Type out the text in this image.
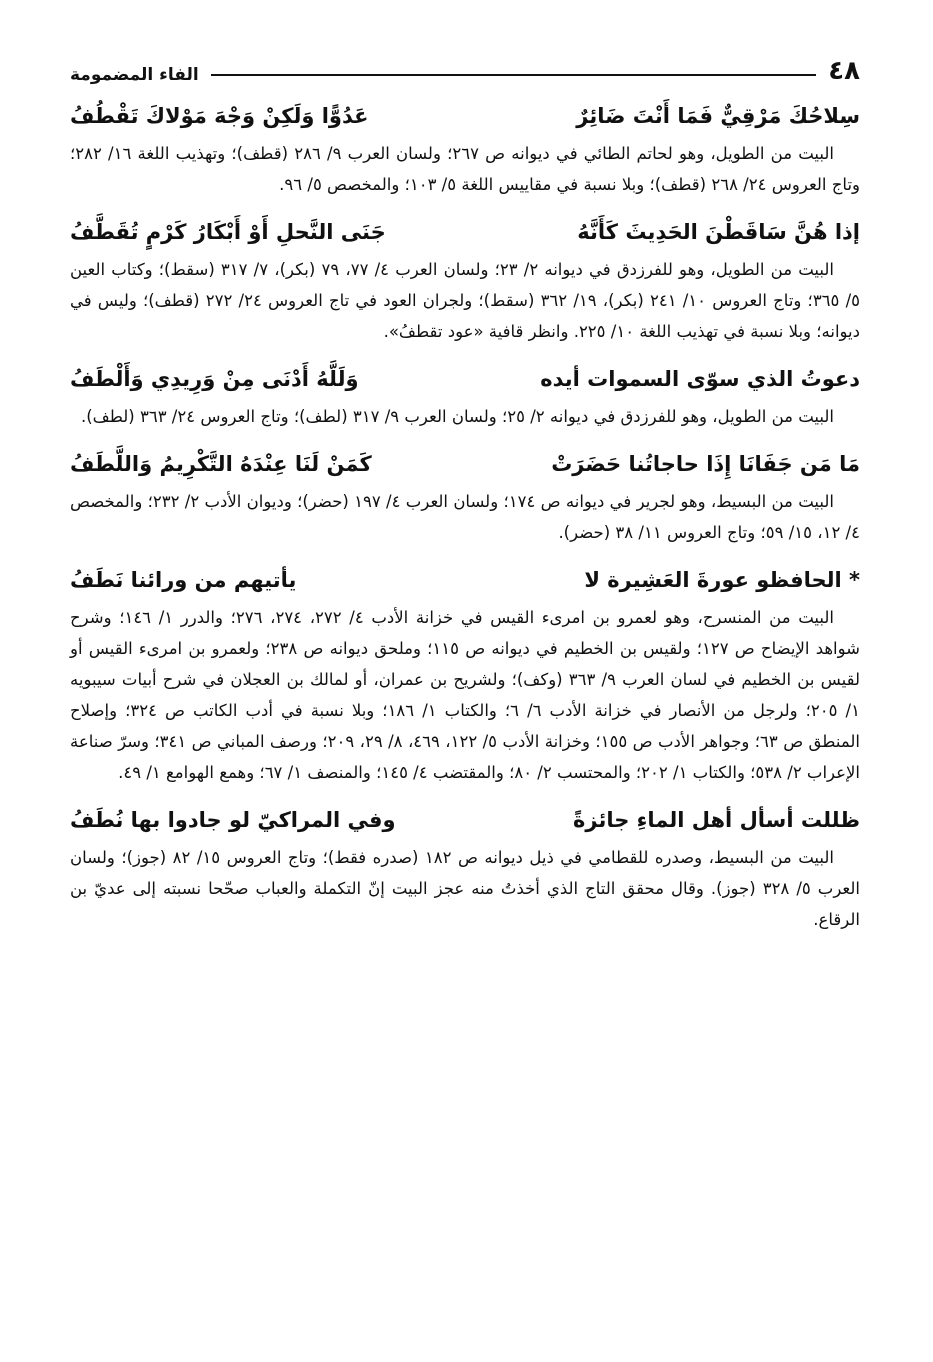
٤٨
الفاء المضمومة
سِلاحُكَ مَرْقِيٌّ فَمَا أَنْتَ ضَائِرٌ
عَدُوًّا وَلَكِنْ وَجْهَ مَوْلاكَ تَقْطُفُ

البيت من الطويل، وهو لحاتم الطائي في ديوانه ص ٢٦٧؛ ولسان العرب ٩/ ٢٨٦ (قطف)؛ وتهذيب اللغة ١٦/ ٢٨٢؛ وتاج العروس ٢٤/ ٢٦٨ (قطف)؛ وبلا نسبة في مقاييس اللغة ٥/ ١٠٣؛ والمخصص ٥/ ٩٦.

إذا هُنَّ سَاقَطْنَ الحَدِيثَ كَأَنَّهُ
جَنَى النَّحلِ أَوْ أَبْكَارُ كَرْمٍ تُقَطَّفُ

البيت من الطويل، وهو للفرزدق في ديوانه ٢/ ٢٣؛ ولسان العرب ٤/ ٧٧، ٧٩ (بكر)، ٧/ ٣١٧ (سقط)؛ وكتاب العين ٥/ ٣٦٥؛ وتاج العروس ١٠/ ٢٤١ (بكر)، ١٩/ ٣٦٢ (سقط)؛ ولجران العود في تاج العروس ٢٤/ ٢٧٢ (قطف)؛ وليس في ديوانه؛ وبلا نسبة في تهذيب اللغة ١٠/ ٢٢٥. وانظر قافية «عود تقطفُ».

دعوتُ الذي سوّى السموات أيده
وَلَلَّهُ أَدْنَى مِنْ وَرِيدِي وَأَلْطَفُ

البيت من الطويل، وهو للفرزدق في ديوانه ٢/ ٢٥؛ ولسان العرب ٩/ ٣١٧ (لطف)؛ وتاج العروس ٢٤/ ٣٦٣ (لطف).

مَا مَن جَفَانَا إِذَا حاجاتُنا حَضَرَتْ
كَمَنْ لَنَا عِنْدَهُ التَّكْرِيمُ وَاللَّطَفُ

البيت من البسيط، وهو لجرير في ديوانه ص ١٧٤؛ ولسان العرب ٤/ ١٩٧ (حضر)؛ وديوان الأدب ٢/ ٢٣٢؛ والمخصص ٤/ ١٢، ١٥/ ٥٩؛ وتاج العروس ١١/ ٣٨ (حضر).

* الحافظو عورةَ العَشِيرة لا
يأتيهم من ورائنا نَطَفُ

البيت من المنسرح، وهو لعمرو بن امرىء القيس في خزانة الأدب ٤/ ٢٧٢، ٢٧٤، ٢٧٦؛ والدرر ١/ ١٤٦؛ وشرح شواهد الإيضاح ص ١٢٧؛ ولقيس بن الخطيم في ديوانه ص ١١٥؛ وملحق ديوانه ص ٢٣٨؛ ولعمرو بن امرىء القيس أو لقيس بن الخطيم في لسان العرب ٩/ ٣٦٣ (وكف)؛ ولشريح بن عمران، أو لمالك بن العجلان في شرح أبيات سيبويه ١/ ٢٠٥؛ ولرجل من الأنصار في خزانة الأدب ٦/ ٦؛ والكتاب ١/ ١٨٦؛ وبلا نسبة في أدب الكاتب ص ٣٢٤؛ وإصلاح المنطق ص ٦٣؛ وجواهر الأدب ص ١٥٥؛ وخزانة الأدب ٥/ ١٢٢، ٤٦٩، ٨/ ٢٩، ٢٠٩؛ ورصف المباني ص ٣٤١؛ وسرّ صناعة الإعراب ٢/ ٥٣٨؛ والكتاب ١/ ٢٠٢؛ والمحتسب ٢/ ٨٠؛ والمقتضب ٤/ ١٤٥؛ والمنصف ١/ ٦٧؛ وهمع الهوامع ١/ ٤٩.

ظللت أسأل أهل الماءِ جائزةً
وفي المراكيّ لو جادوا بها نُطَفُ

البيت من البسيط، وصدره للقطامي في ذيل ديوانه ص ١٨٢ (صدره فقط)؛ وتاج العروس ١٥/ ٨٢ (جوز)؛ ولسان العرب ٥/ ٣٢٨ (جوز). وقال محقق التاج الذي أخذتُ منه عجز البيت إنّ التكملة والعباب صحّحا نسبته إلى عديّ بن الرقاع.
